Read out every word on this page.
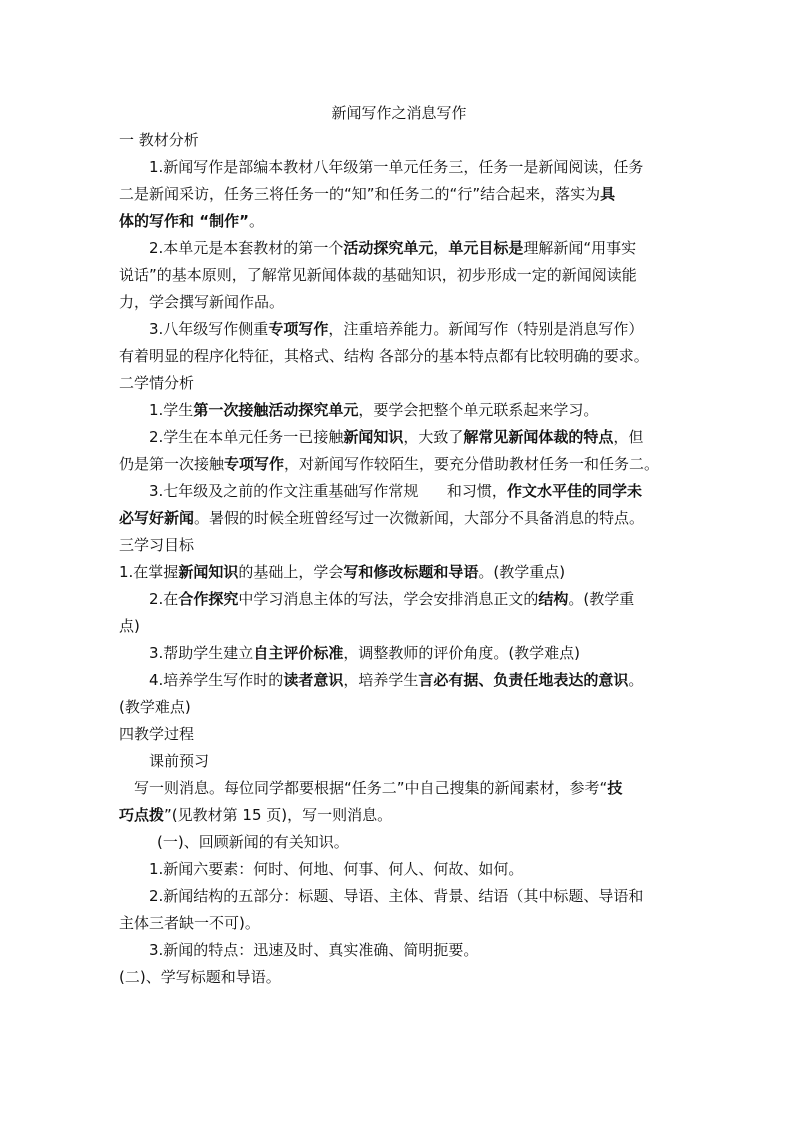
新闻写作之消息写作
一 教材分析
1.新闻写作是部编本教材八年级第一单元任务三，任务一是新闻阅读，任务
二是新闻采访，任务三将任务一的“知”和任务二的“行”结合起来，落实为具
体的写作和 “制作”。
2.本单元是本套教材的第一个活动探究单元，单元目标是理解新闻“用事实
说话”的基本原则，了解常见新闻体裁的基础知识，初步形成一定的新闻阅读能
力，学会撰写新闻作品。
3.八年级写作侧重专项写作，注重培养能力。新闻写作（特别是消息写作）
有着明显的程序化特征，其格式、结构 各部分的基本特点都有比较明确的要求。
二学情分析
1.学生第一次接触活动探究单元，要学会把整个单元联系起来学习。
2.学生在本单元任务一已接触新闻知识，大致了解常见新闻体裁的特点，但
仍是第一次接触专项写作，对新闻写作较陌生，要充分借助教材任务一和任务二。
3.七年级及之前的作文注重基础写作常规      和习惯，作文水平佳的同学未
必写好新闻。暑假的时候全班曾经写过一次微新闻，大部分不具备消息的特点。
三学习目标
1.在掌握新闻知识的基础上，学会写和修改标题和导语。(教学重点)
2.在合作探究中学习消息主体的写法，学会安排消息正文的结构。(教学重
点)
3.帮助学生建立自主评价标准，调整教师的评价角度。(教学难点)
4.培养学生写作时的读者意识，培养学生言必有据、负责任地表达的意识。
(教学难点)
四教学过程
课前预习
写一则消息。每位同学都要根据“任务二”中自己搜集的新闻素材，参考“技
巧点拨”(见教材第 15 页)，写一则消息。
(一)、回顾新闻的有关知识。
1.新闻六要素：何时、何地、何事、何人、何故、如何。
2.新闻结构的五部分：标题、导语、主体、背景、结语（其中标题、导语和
主体三者缺一不可)。
3.新闻的特点：迅速及时、真实准确、简明扼要。
(二)、学写标题和导语。
